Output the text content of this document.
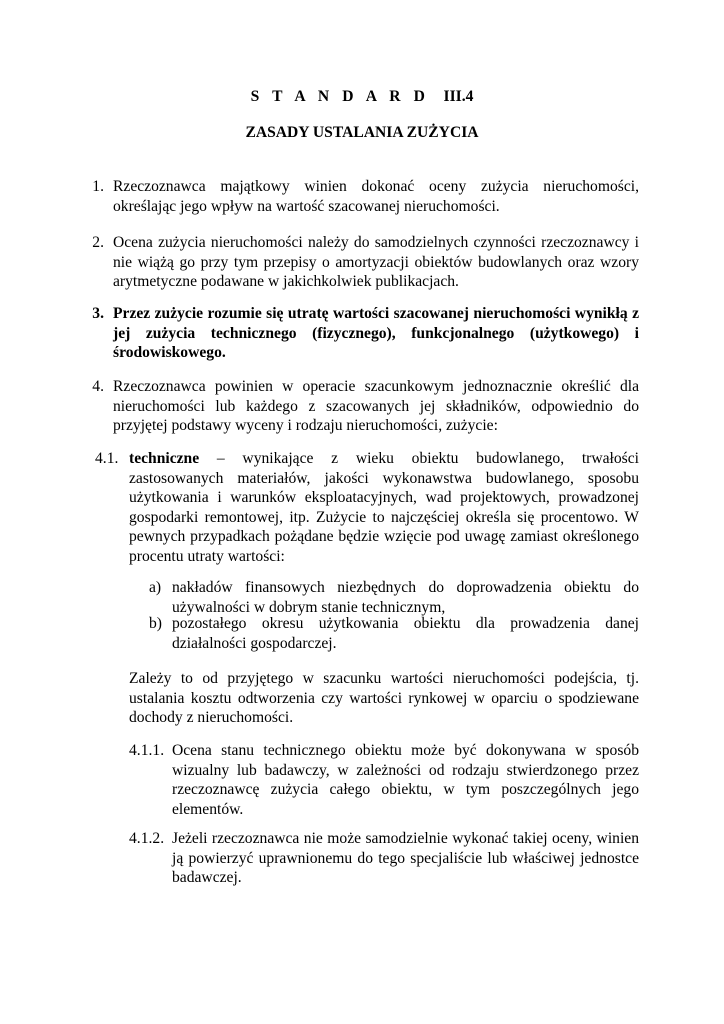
S T A N D A R D III.4
ZASADY USTALANIA ZUŻYCIA
1. Rzeczoznawca majątkowy winien dokonać oceny zużycia nieruchomości, określając jego wpływ na wartość szacowanej nieruchomości.
2. Ocena zużycia nieruchomości należy do samodzielnych czynności rzeczoznawcy i nie wiążą go przy tym przepisy o amortyzacji obiektów budowlanych oraz wzory arytmetyczne podawane w jakichkolwiek publikacjach.
3. Przez zużycie rozumie się utratę wartości szacowanej nieruchomości wynikłą z jej zużycia technicznego (fizycznego), funkcjonalnego (użytkowego) i środowiskowego.
4. Rzeczoznawca powinien w operacie szacunkowym jednoznacznie określić dla nieruchomości lub każdego z szacowanych jej składników, odpowiednio do przyjętej podstawy wyceny i rodzaju nieruchomości, zużycie:
4.1. techniczne – wynikające z wieku obiektu budowlanego, trwałości zastosowanych materiałów, jakości wykonawstwa budowlanego, sposobu użytkowania i warunków eksploatacyjnych, wad projektowych, prowadzonej gospodarki remontowej, itp. Zużycie to najczęściej określa się procentowo. W pewnych przypadkach pożądane będzie wzięcie pod uwagę zamiast określonego procentu utraty wartości:
a) nakładów finansowych niezbędnych do doprowadzenia obiektu do używalności w dobrym stanie technicznym,
b) pozostałego okresu użytkowania obiektu dla prowadzenia danej działalności gospodarczej.
Zależy to od przyjętego w szacunku wartości nieruchomości podejścia, tj. ustalania kosztu odtworzenia czy wartości rynkowej w oparciu o spodziewane dochody z nieruchomości.
4.1.1. Ocena stanu technicznego obiektu może być dokonywana w sposób wizualny lub badawczy, w zależności od rodzaju stwierdzonego przez rzeczoznawcę zużycia całego obiektu, w tym poszczególnych jego elementów.
4.1.2. Jeżeli rzeczoznawca nie może samodzielnie wykonać takiej oceny, winien ją powierzyć uprawnionemu do tego specjaliście lub właściwej jednostce badawczej.
